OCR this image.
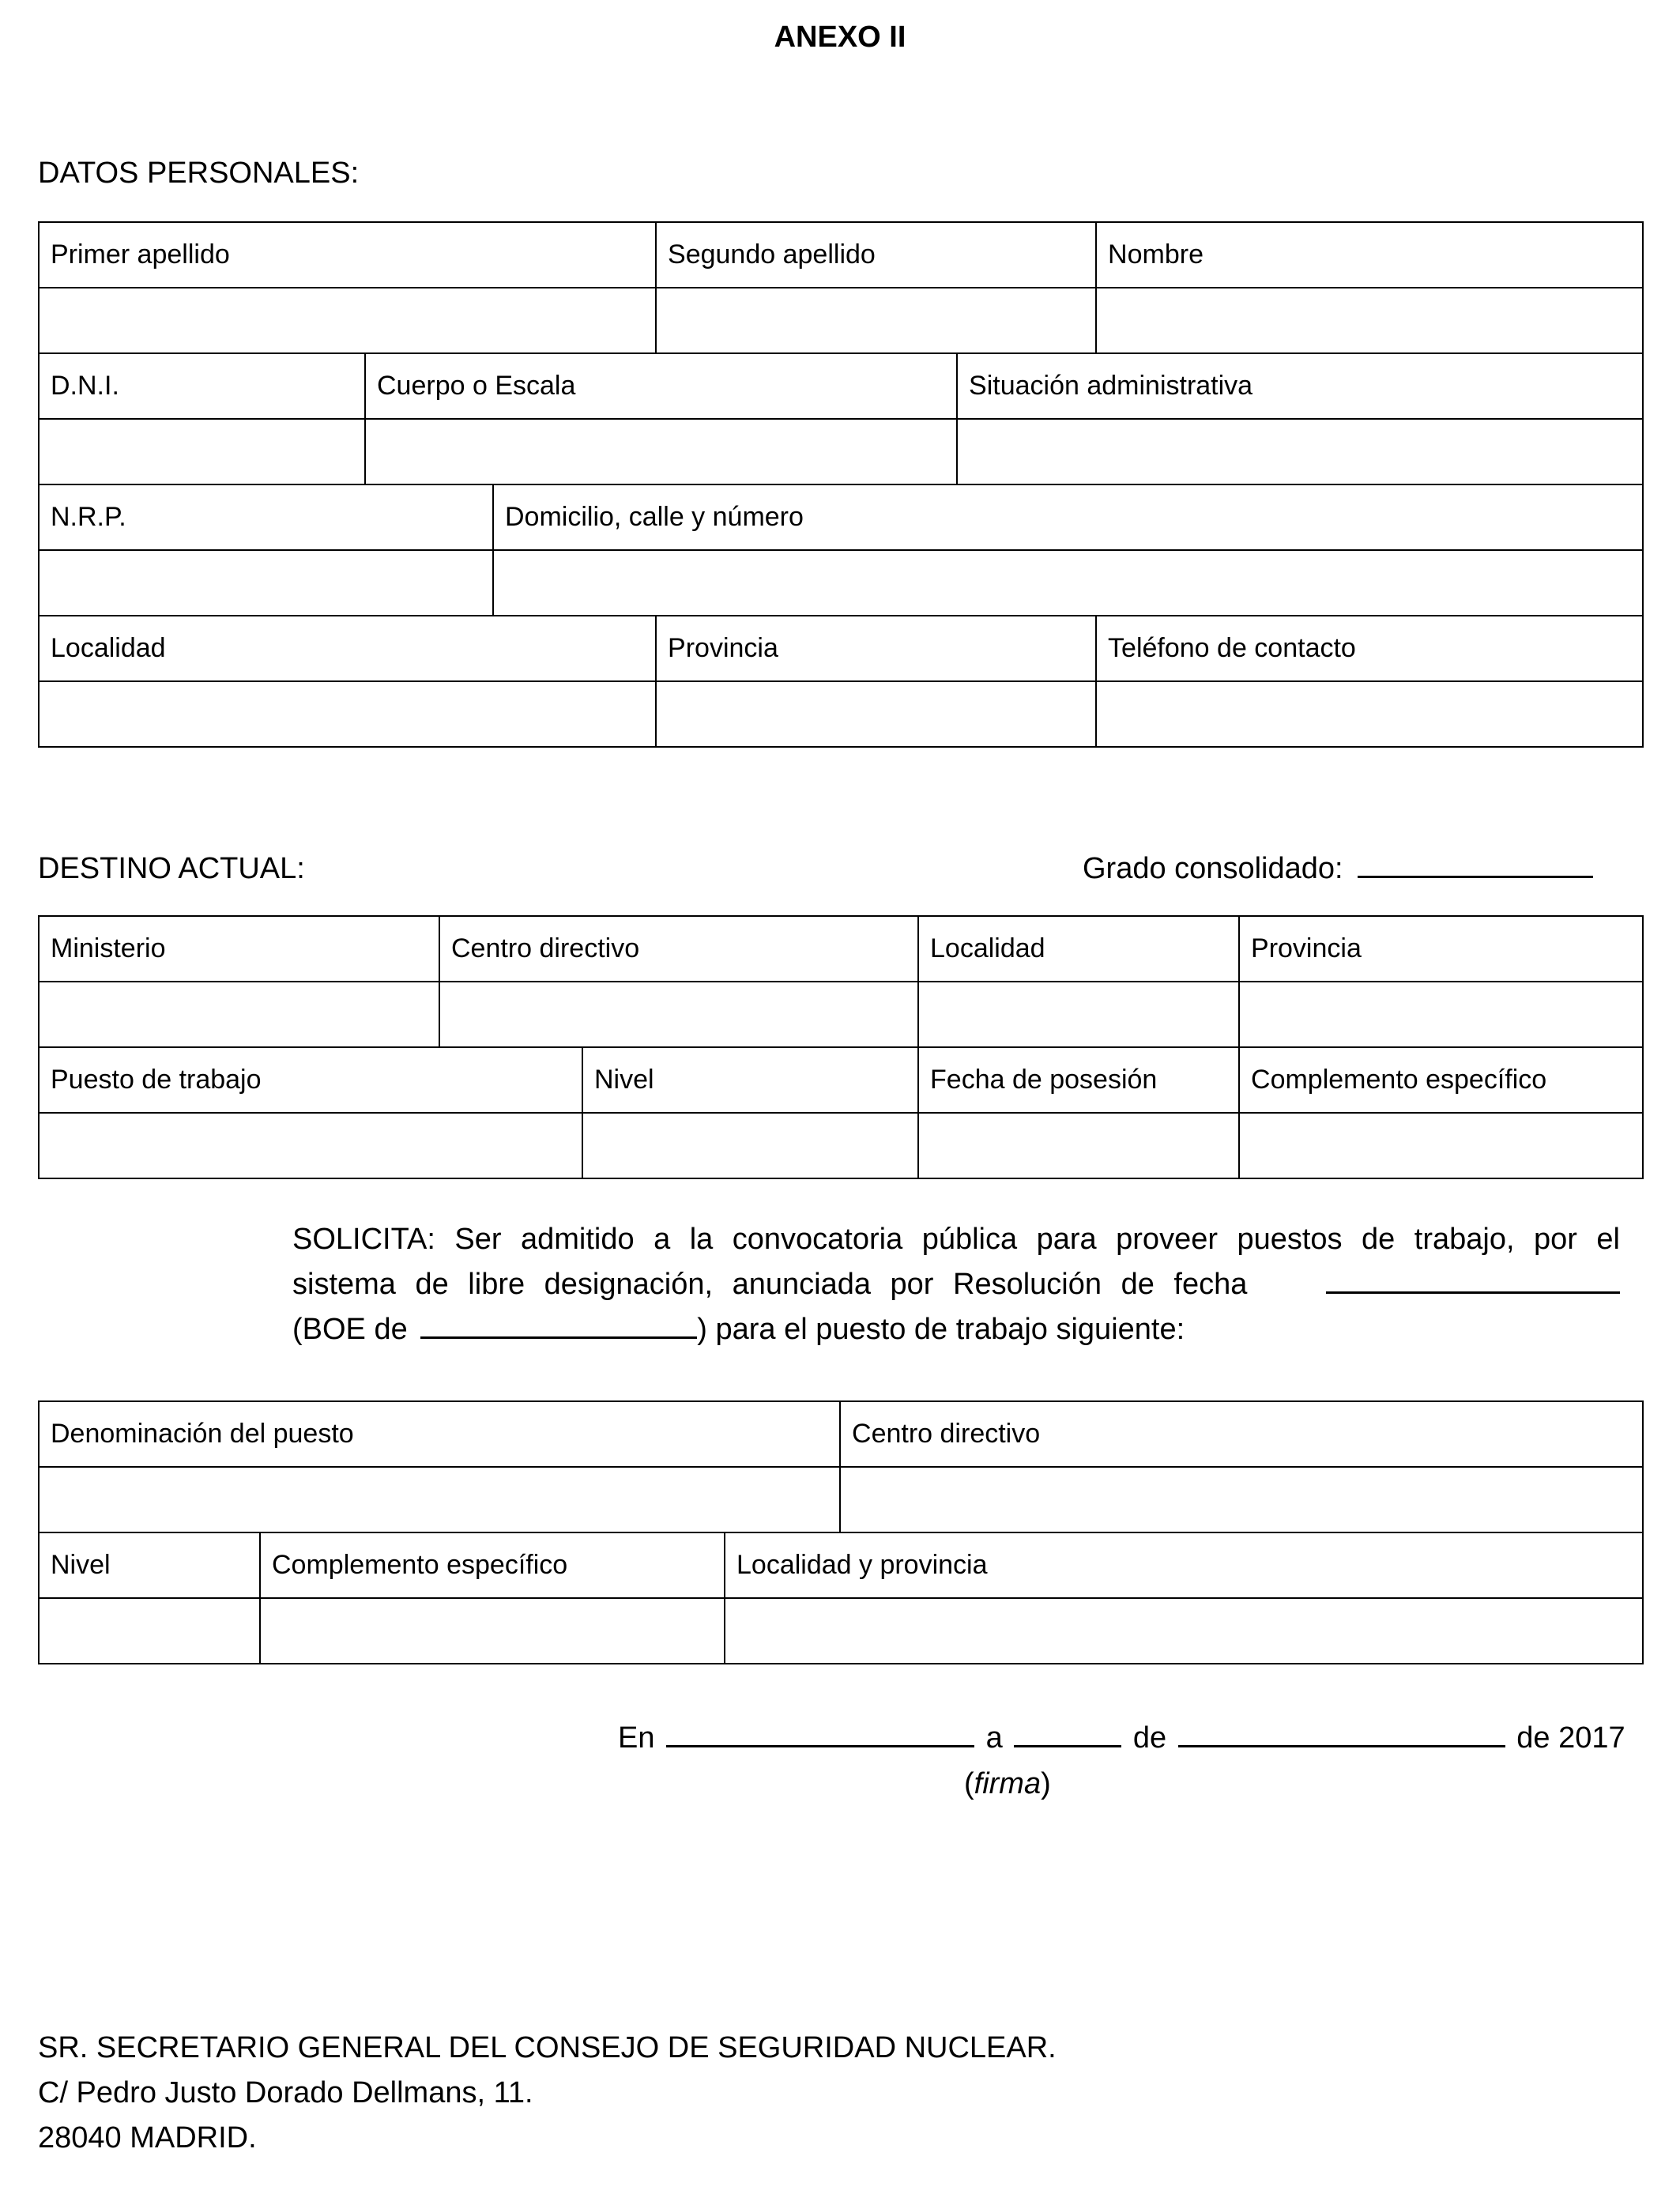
ANEXO II
DATOS PERSONALES:
Primer apellido			Segundo apellido		Nombre

D.N.I.	Cuerpo o Escala			Situación administrativa	

N.R.P.		Domicilio, calle y número			

Localidad			Provincia		Teléfono de contacto

DESTINO ACTUAL:	Grado consolidado:
Ministerio	Centro directivo		Localidad	Provincia

Puesto de trabajo		Nivel	Fecha de posesión	Complemento específico

SOLICITA: Ser admitido a la convocatoria pública para proveer puestos de trabajo, por el
sistema de libre designación, anunciada por Resolución de fecha
(BOE de	) para el puesto de trabajo siguiente:
Denominación del puesto			Centro directivo

Nivel	Complemento específico	Localidad y provincia	

En	a	de	de 2017
(firma)
SR. SECRETARIO GENERAL DEL CONSEJO DE SEGURIDAD NUCLEAR.
C/ Pedro Justo Dorado Dellmans, 11.
28040 MADRID.
